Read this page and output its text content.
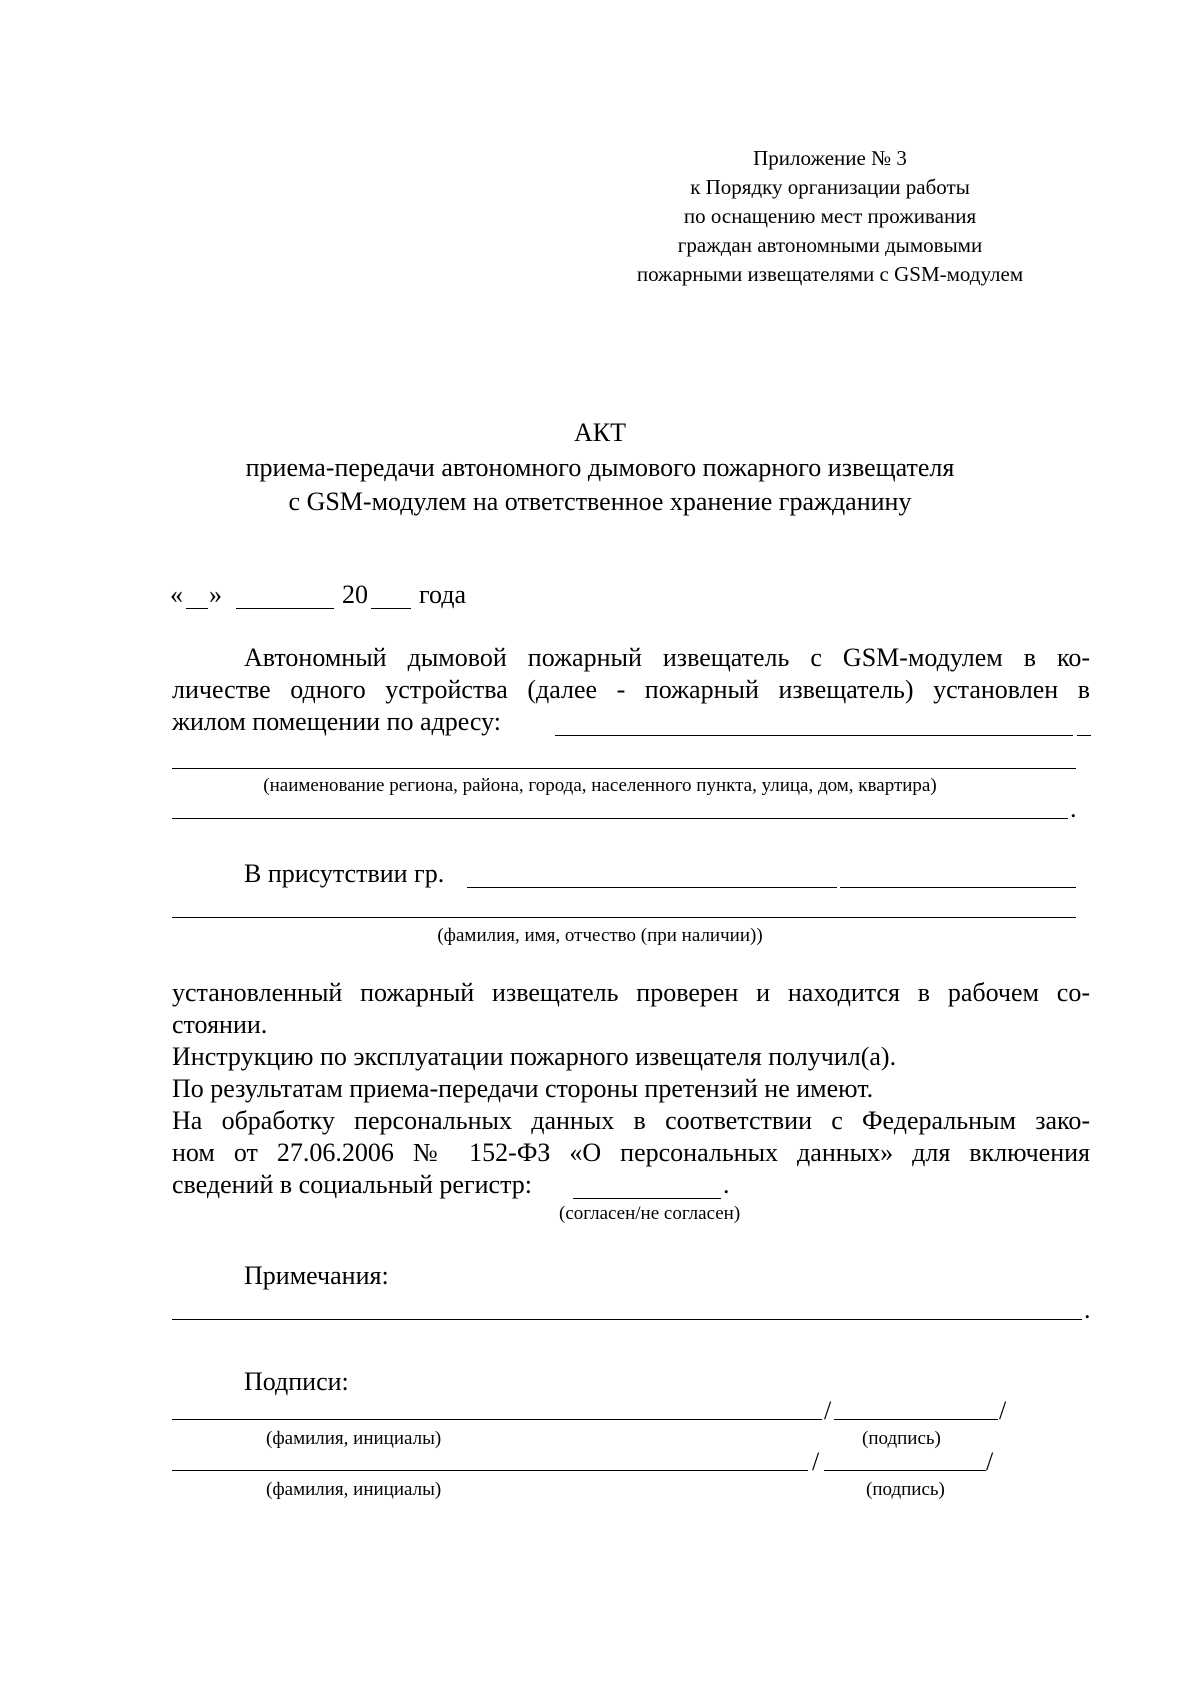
Приложение № 3
к Порядку организации работы
по оснащению мест проживания
граждан автономными дымовыми
пожарными извещателями с GSM-модулем
АКТ
приема-передачи автономного дымового пожарного извещателя
с GSM-модулем на ответственное хранение гражданину
« »	20 года
Автономный дымовой пожарный извещатель с GSM-модулем в ко-
личестве одного устройства (далее - пожарный извещатель) установлен в
жилом помещении по адресу:
(наименование региона, района, города, населенного пункта, улица, дом, квартира)
.
В присутствии гр.
(фамилия, имя, отчество (при наличии))
установленный пожарный извещатель проверен и находится в рабочем со-
стоянии.
Инструкцию по эксплуатации пожарного извещателя получил(а).
По результатам приема-передачи стороны претензий не имеют.
На обработку персональных данных в соответствии с Федеральным зако-
ном от 27.06.2006 № 152-ФЗ «О персональных данных» для включения
сведений в социальный регистр:	.
(согласен/не согласен)
Примечания:
.
Подписи:
/	/
(фамилия, инициалы)	(подпись)
/	/
(фамилия, инициалы)	(подпись)
